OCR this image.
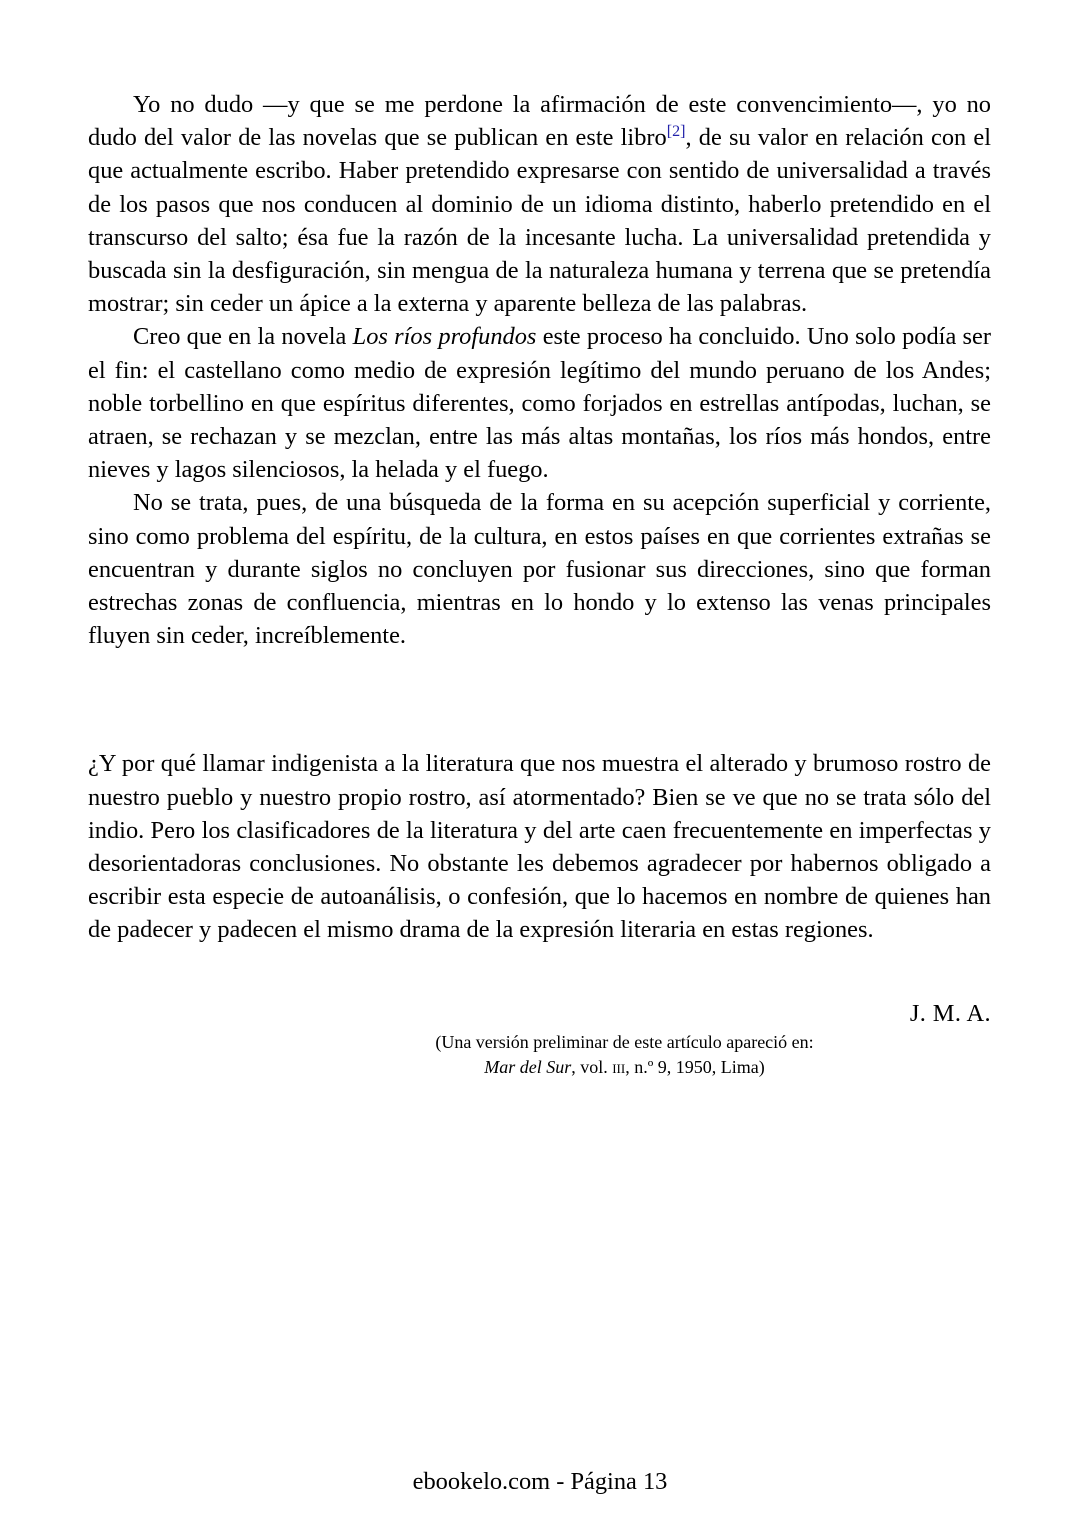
Yo no dudo —y que se me perdone la afirmación de este convencimiento—, yo no dudo del valor de las novelas que se publican en este libro[2], de su valor en relación con el que actualmente escribo. Haber pretendido expresarse con sentido de universalidad a través de los pasos que nos conducen al dominio de un idioma distinto, haberlo pretendido en el transcurso del salto; ésa fue la razón de la incesante lucha. La universalidad pretendida y buscada sin la desfiguración, sin mengua de la naturaleza humana y terrena que se pretendía mostrar; sin ceder un ápice a la externa y aparente belleza de las palabras.

Creo que en la novela Los ríos profundos este proceso ha concluido. Uno solo podía ser el fin: el castellano como medio de expresión legítimo del mundo peruano de los Andes; noble torbellino en que espíritus diferentes, como forjados en estrellas antípodas, luchan, se atraen, se rechazan y se mezclan, entre las más altas montañas, los ríos más hondos, entre nieves y lagos silenciosos, la helada y el fuego.

No se trata, pues, de una búsqueda de la forma en su acepción superficial y corriente, sino como problema del espíritu, de la cultura, en estos países en que corrientes extrañas se encuentran y durante siglos no concluyen por fusionar sus direcciones, sino que forman estrechas zonas de confluencia, mientras en lo hondo y lo extenso las venas principales fluyen sin ceder, increíblemente.

¿Y por qué llamar indigenista a la literatura que nos muestra el alterado y brumoso rostro de nuestro pueblo y nuestro propio rostro, así atormentado? Bien se ve que no se trata sólo del indio. Pero los clasificadores de la literatura y del arte caen frecuentemente en imperfectas y desorientadoras conclusiones. No obstante les debemos agradecer por habernos obligado a escribir esta especie de autoanálisis, o confesión, que lo hacemos en nombre de quienes han de padecer y padecen el mismo drama de la expresión literaria en estas regiones.

J. M. A.

(Una versión preliminar de este artículo apareció en:

Mar del Sur, vol. iii, n.º 9, 1950, Lima)

ebookelo.com - Página 13
